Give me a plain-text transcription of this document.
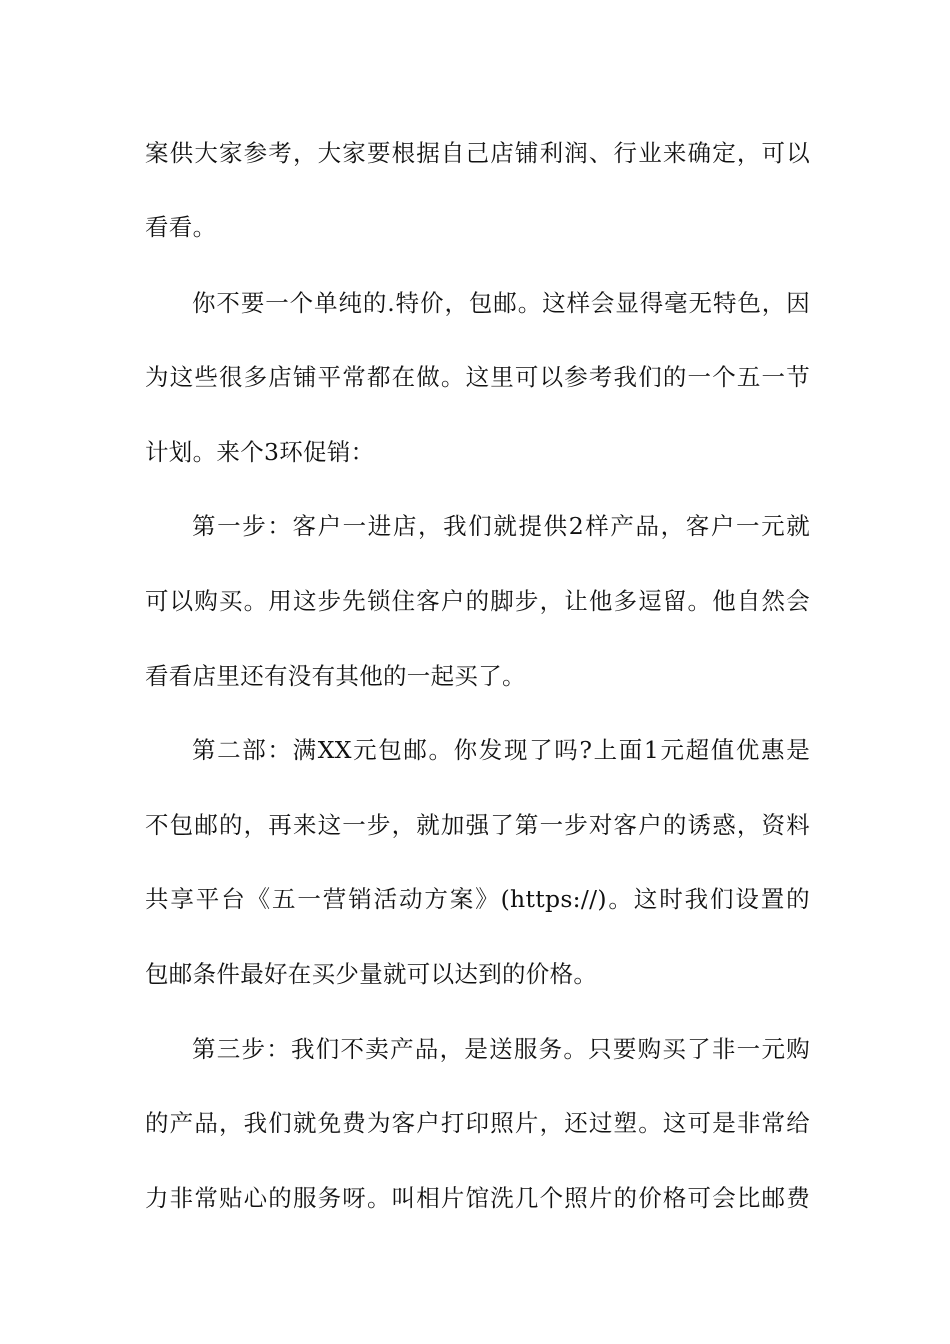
案供大家参考，大家要根据自己店铺利润、行业来确定，可以
看看。
你不要一个单纯的.特价，包邮。这样会显得毫无特色，因
为这些很多店铺平常都在做。这里可以参考我们的一个五一节
计划。来个3环促销：
第一步：客户一进店，我们就提供2样产品，客户一元就
可以购买。用这步先锁住客户的脚步，让他多逗留。他自然会
看看店里还有没有其他的一起买了。
第二部：满XX元包邮。你发现了吗?上面1元超值优惠是
不包邮的，再来这一步，就加强了第一步对客户的诱惑，资料
共享平台《五一营销活动方案》(https://)。这时我们设置的
包邮条件最好在买少量就可以达到的价格。
第三步：我们不卖产品，是送服务。只要购买了非一元购
的产品，我们就免费为客户打印照片，还过塑。这可是非常给
力非常贴心的服务呀。叫相片馆洗几个照片的价格可会比邮费
